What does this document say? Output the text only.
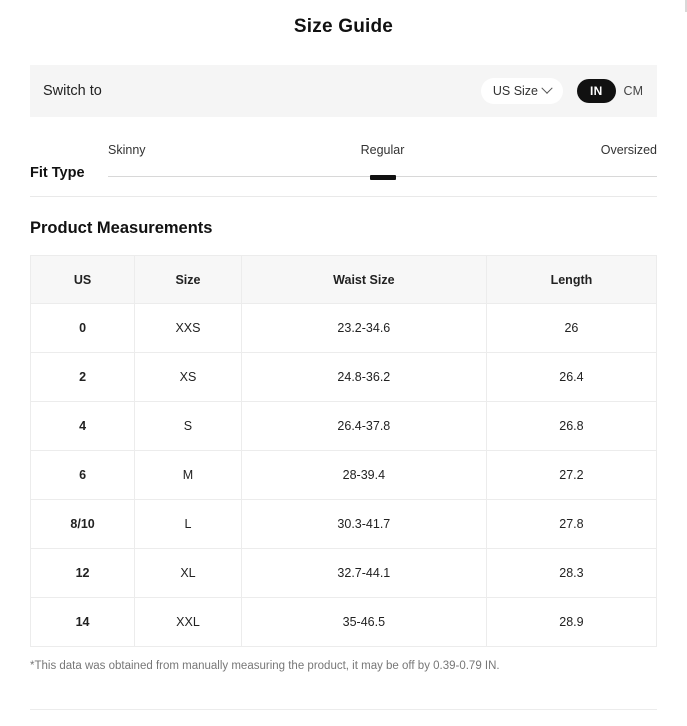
Size Guide
Switch to	US Size	IN	CM
Fit Type
Skinny	Regular	Oversized
Product Measurements
US	Size	Waist Size	Length
0	XXS	23.2-34.6	26
2	XS	24.8-36.2	26.4
4	S	26.4-37.8	26.8
6	M	28-39.4	27.2
8/10	L	30.3-41.7	27.8
12	XL	32.7-44.1	28.3
14	XXL	35-46.5	28.9
*This data was obtained from manually measuring the product, it may be off by 0.39-0.79 IN.
